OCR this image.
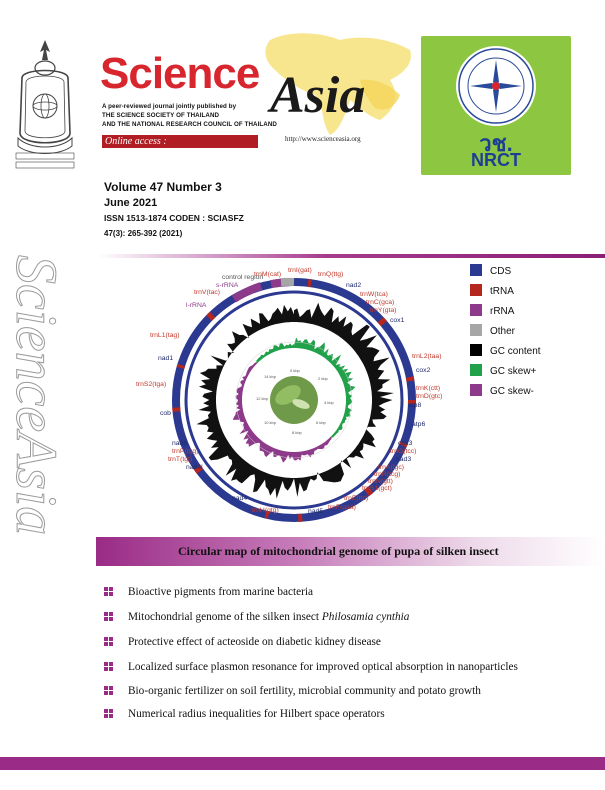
Science Asia
A peer-reviewed journal jointly published by
THE SCIENCE SOCIETY OF THAILAND
AND THE NATIONAL RESEARCH COUNCIL OF THAILAND
Online access :	http://www.scienceasia.org	วช.
NRCT
Volume 47 Number 3
June 2021
ISSN 1513-1874 CODEN : SCIASFZ
47(3): 265-392 (2021)
ScienceAsia	0 kbp
2 kbp
4 kbp
6 kbp
8 kbp
10 kbp
12 kbp
14 kbp
trnM(cat)
trnI(gat)
trnQ(ttg)
control region
s-rRNA
trnV(tac)
nad2
trnW(tca)
trnC(gca)
trnY(gta)
l-rRNA
cox1
trnL1(tag)
trnL2(taa)
nad1
cox2
trnS2(tga)
trnK(ctt)
trnD(gtc)
atp8
cob
atp6
nad6
trnP(tgg)
cox3
trnG(tcc)
trnT(tgt)	nad3
nad4l	trnA(tgc)
trnR(tcg)
trnN(gtt)
trnS1(gct)
nad4	trnE(ttc)
nad5
trnF(gaa)
trnH(gtg)
CDS
tRNA
rRNA
Other
GC content
GC skew+
GC skew-
Circular map of mitochondrial genome of pupa of silken insect
Bioactive pigments from marine bacteria
Mitochondrial genome of the silken insect Philosamia cynthia
Protective effect of acteoside on diabetic kidney disease
Localized surface plasmon resonance for improved optical absorption in nanoparticles
Bio-organic fertilizer on soil fertility, microbial community and potato growth
Numerical radius inequalities for Hilbert space operators
